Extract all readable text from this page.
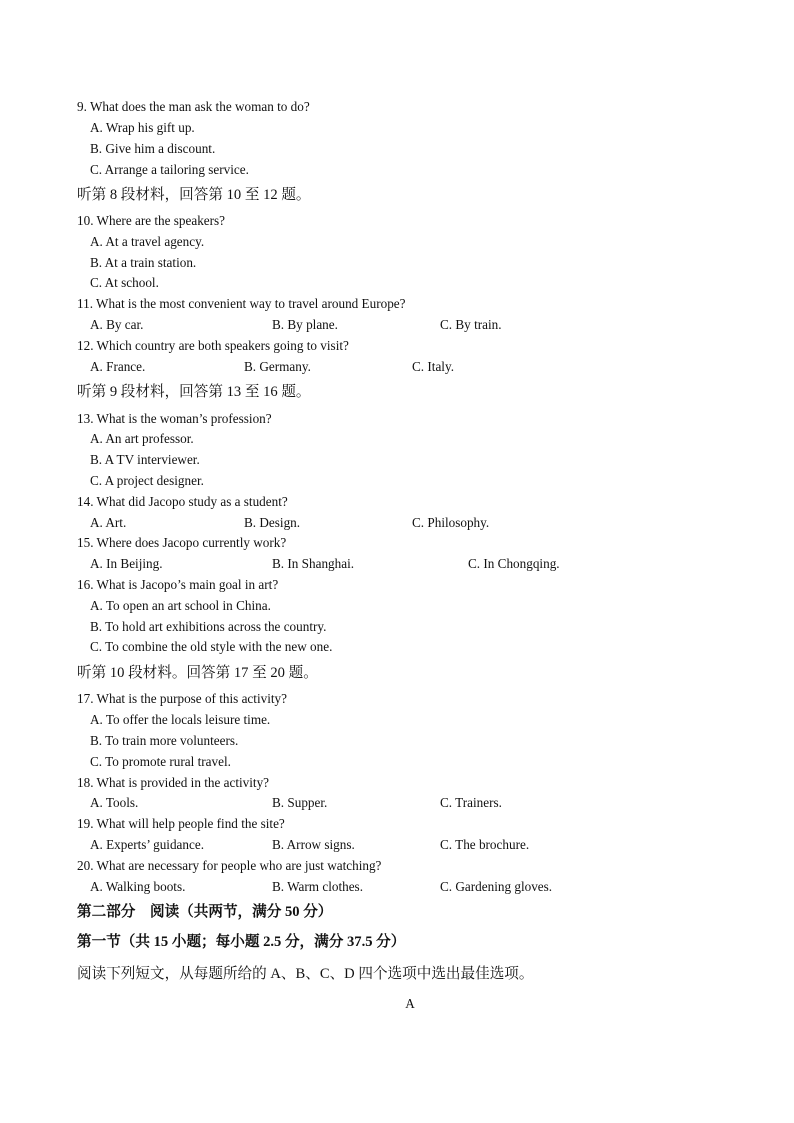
9. What does the man ask the woman to do?
A. Wrap his gift up.
B. Give him a discount.
C. Arrange a tailoring service.
听第 8 段材料，回答第 10 至 12 题。
10. Where are the speakers?
A. At a travel agency.
B. At a train station.
C. At school.
11. What is the most convenient way to travel around Europe?
A. By car.	B. By plane.	C. By train.
12. Which country are both speakers going to visit?
A. France.	B. Germany.	C. Italy.
听第 9 段材料，回答第 13 至 16 题。
13. What is the woman’s profession?
A. An art professor.
B. A TV interviewer.
C. A project designer.
14. What did Jacopo study as a student?
A. Art.	B. Design.	C. Philosophy.
15. Where does Jacopo currently work?
A. In Beijing.	B. In Shanghai.	C. In Chongqing.
16. What is Jacopo’s main goal in art?
A. To open an art school in China.
B. To hold art exhibitions across the country.
C. To combine the old style with the new one.
听第 10 段材料。回答第 17 至 20 题。
17. What is the purpose of this activity?
A. To offer the locals leisure time.
B. To train more volunteers.
C. To promote rural travel.
18. What is provided in the activity?
A. Tools.	B. Supper.	C. Trainers.
19. What will help people find the site?
A. Experts’ guidance.	B. Arrow signs.	C. The brochure.
20. What are necessary for people who are just watching?
A. Walking boots.	B. Warm clothes.	C. Gardening gloves.
第二部分　阅读（共两节，满分 50 分）
第一节（共 15 小题；每小题 2.5 分，满分 37.5 分）
阅读下列短文，从每题所给的 A、B、C、D 四个选项中选出最佳选项。
A
